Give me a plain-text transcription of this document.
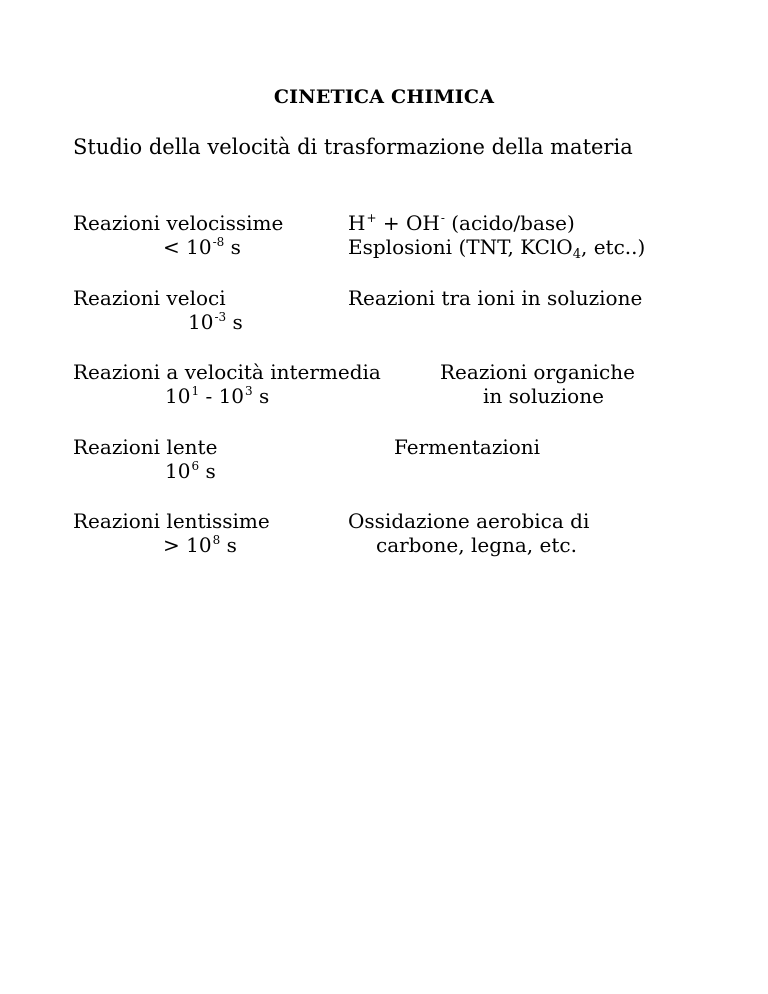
CINETICA CHIMICA
Studio della velocità di trasformazione della materia
Reazioni velocissime
< $10^{-8}$ s
H+ + OH- (acido/base)
Esplosioni (TNT, KClO$_4$, etc..)
Reazioni veloci
$10^{-3}$ s
Reazioni tra ioni in soluzione
Reazioni a velocità intermedia
$10^1 - 10^3$ s
Reazioni organiche
in soluzione
Reazioni lente
$10^6$ s
Fermentazioni
Reazioni lentissime
> $10^8$ s
Ossidazione aerobica di
carbone, legna, etc.
